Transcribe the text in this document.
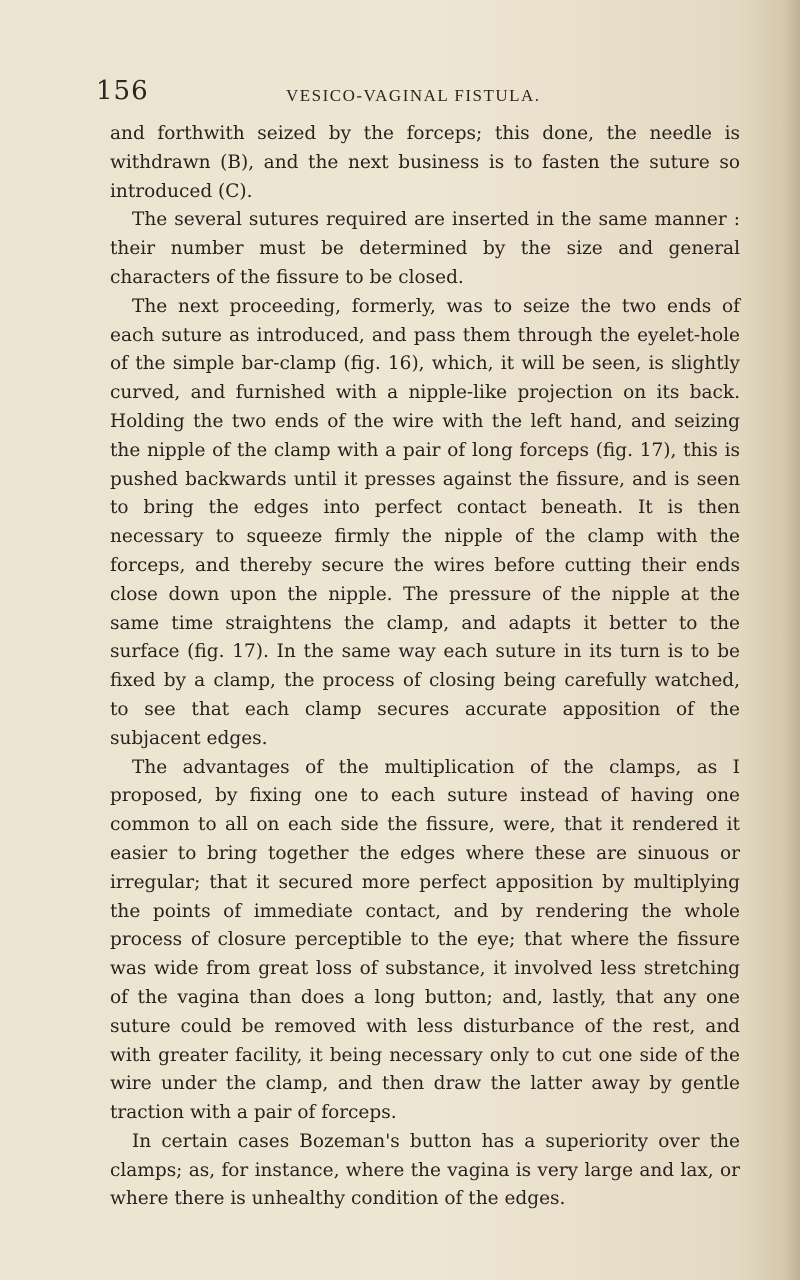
156	VESICO-VAGINAL FISTULA.

and forthwith seized by the forceps; this done, the needle is withdrawn (B), and the next business is to fasten the suture so introduced (C).

The several sutures required are inserted in the same manner : their number must be determined by the size and general characters of the fissure to be closed.

The next proceeding, formerly, was to seize the two ends of each suture as introduced, and pass them through the eyelet-hole of the simple bar-clamp (fig. 16), which, it will be seen, is slightly curved, and furnished with a nipple-like projection on its back. Holding the two ends of the wire with the left hand, and seizing the nipple of the clamp with a pair of long forceps (fig. 17), this is pushed backwards until it presses against the fissure, and is seen to bring the edges into perfect contact beneath. It is then necessary to squeeze firmly the nipple of the clamp with the forceps, and thereby secure the wires before cutting their ends close down upon the nipple. The pressure of the nipple at the same time straightens the clamp, and adapts it better to the surface (fig. 17). In the same way each suture in its turn is to be fixed by a clamp, the process of closing being carefully watched, to see that each clamp secures accurate apposition of the subjacent edges.

The advantages of the multiplication of the clamps, as I proposed, by fixing one to each suture instead of having one common to all on each side the fissure, were, that it rendered it easier to bring together the edges where these are sinuous or irregular; that it secured more perfect apposition by multiplying the points of immediate contact, and by rendering the whole process of closure perceptible to the eye; that where the fissure was wide from great loss of substance, it involved less stretching of the vagina than does a long button; and, lastly, that any one suture could be removed with less disturbance of the rest, and with greater facility, it being necessary only to cut one side of the wire under the clamp, and then draw the latter away by gentle traction with a pair of forceps.

In certain cases Bozeman's button has a superiority over the clamps; as, for instance, where the vagina is very large and lax, or where there is unhealthy condition of the edges.
